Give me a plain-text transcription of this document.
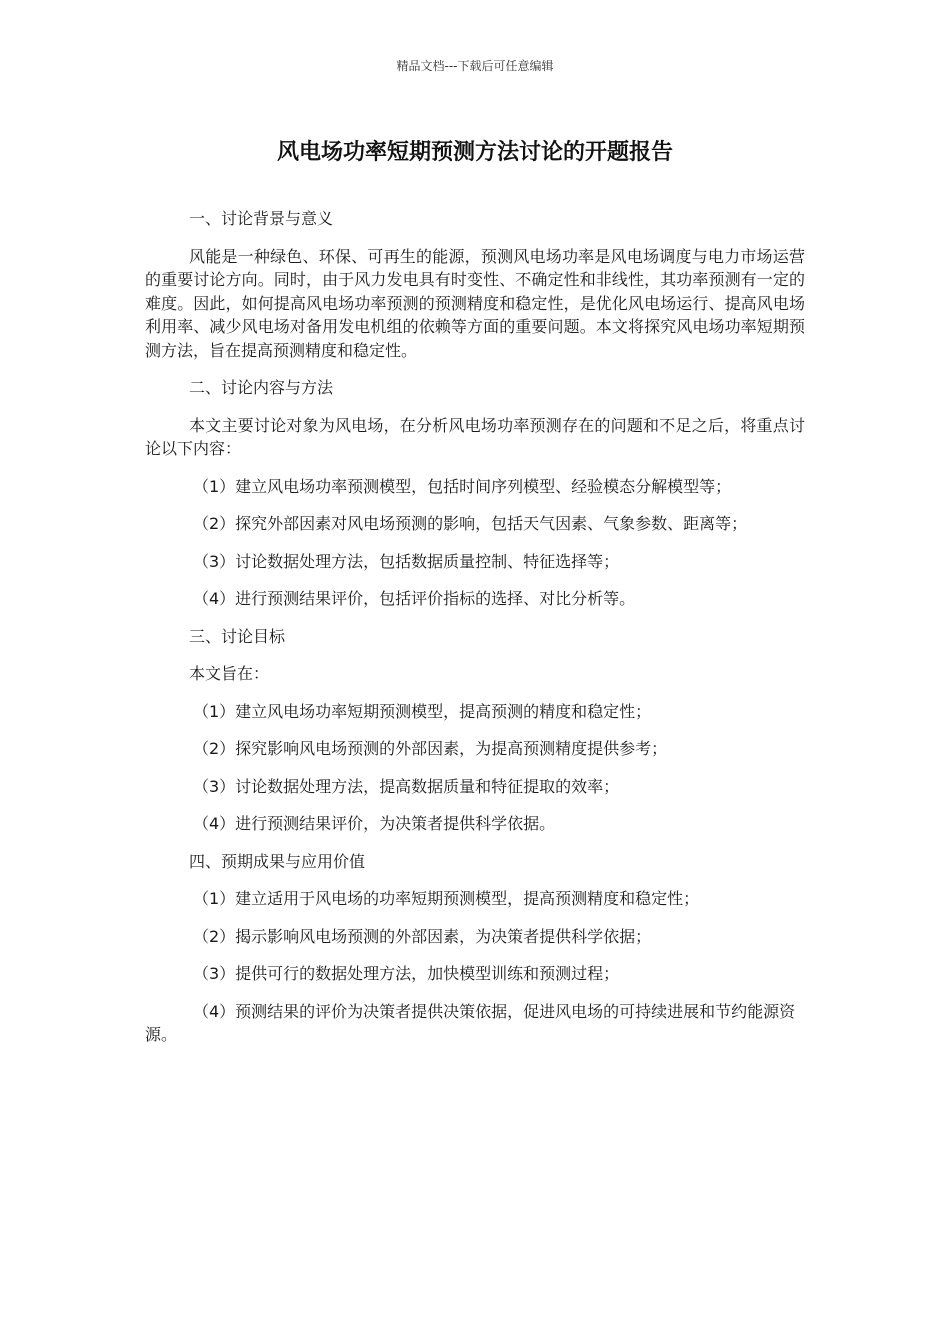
精品文档---下载后可任意编辑
风电场功率短期预测方法讨论的开题报告

一、讨论背景与意义

风能是一种绿色、环保、可再生的能源，预测风电场功率是风电场调度与电力市场运营的重要讨论方向。同时，由于风力发电具有时变性、不确定性和非线性，其功率预测有一定的难度。因此，如何提高风电场功率预测的预测精度和稳定性，是优化风电场运行、提高风电场利用率、减少风电场对备用发电机组的依赖等方面的重要问题。本文将探究风电场功率短期预测方法，旨在提高预测精度和稳定性。

二、讨论内容与方法

本文主要讨论对象为风电场，在分析风电场功率预测存在的问题和不足之后，将重点讨论以下内容：

（1）建立风电场功率预测模型，包括时间序列模型、经验模态分解模型等；

（2）探究外部因素对风电场预测的影响，包括天气因素、气象参数、距离等；

（3）讨论数据处理方法，包括数据质量控制、特征选择等；

（4）进行预测结果评价，包括评价指标的选择、对比分析等。

三、讨论目标

本文旨在：

（1）建立风电场功率短期预测模型，提高预测的精度和稳定性；

（2）探究影响风电场预测的外部因素，为提高预测精度提供参考；

（3）讨论数据处理方法，提高数据质量和特征提取的效率；

（4）进行预测结果评价，为决策者提供科学依据。

四、预期成果与应用价值

（1）建立适用于风电场的功率短期预测模型，提高预测精度和稳定性；

（2）揭示影响风电场预测的外部因素，为决策者提供科学依据；

（3）提供可行的数据处理方法，加快模型训练和预测过程；

（4）预测结果的评价为决策者提供决策依据，促进风电场的可持续进展和节约能源资源。
